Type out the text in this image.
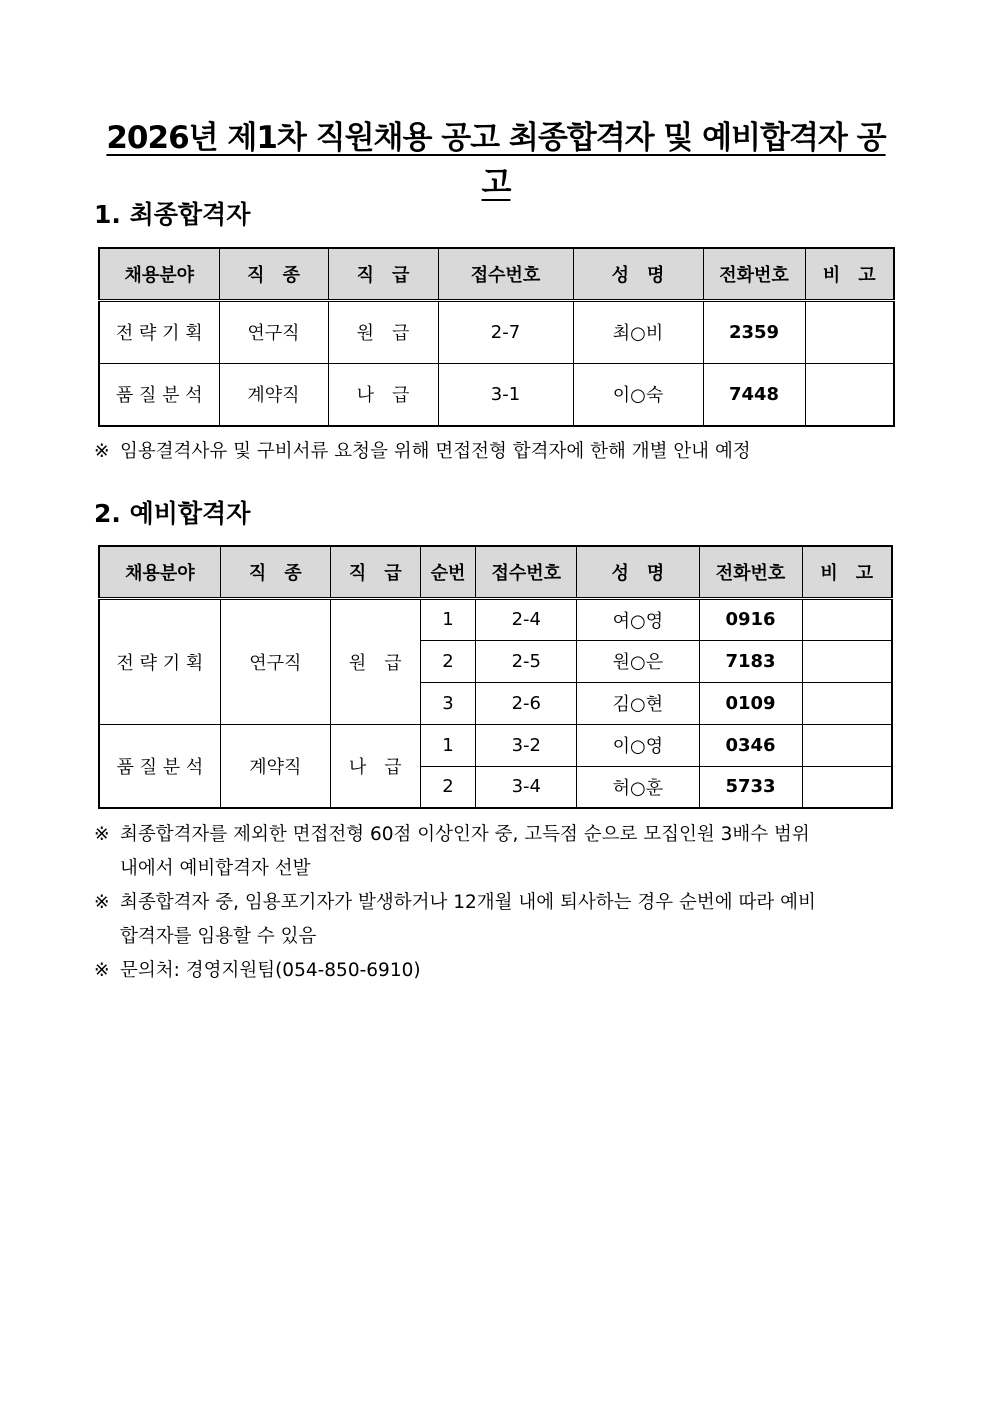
2026년 제1차 직원채용 공고 최종합격자 및 예비합격자 공고
1. 최종합격자
채용분야	직　종	직　급	접수번호	성　명	전화번호	비　고
전 략 기 획	연구직	원　급	2-7	최○비	2359	
품 질 분 석	계약직	나　급	3-1	이○숙	7448	
※ 임용결격사유 및 구비서류 요청을 위해 면접전형 합격자에 한해 개별 안내 예정
2. 예비합격자
채용분야	직　종	직　급	순번	접수번호	성　명	전화번호	비　고
전 략 기 획	연구직	원　급	1	2-4	여○영	0916	
			2	2-5	원○은	7183	
			3	2-6	김○현	0109	
품 질 분 석	계약직	나　급	1	3-2	이○영	0346	
			2	3-4	허○훈	5733	
※ 최종합격자를 제외한 면접전형 60점 이상인자 중, 고득점 순으로 모집인원 3배수 범위
내에서 예비합격자 선발
※ 최종합격자 중, 임용포기자가 발생하거나 12개월 내에 퇴사하는 경우 순번에 따라 예비
합격자를 임용할 수 있음
※ 문의처: 경영지원팀(054-850-6910)
